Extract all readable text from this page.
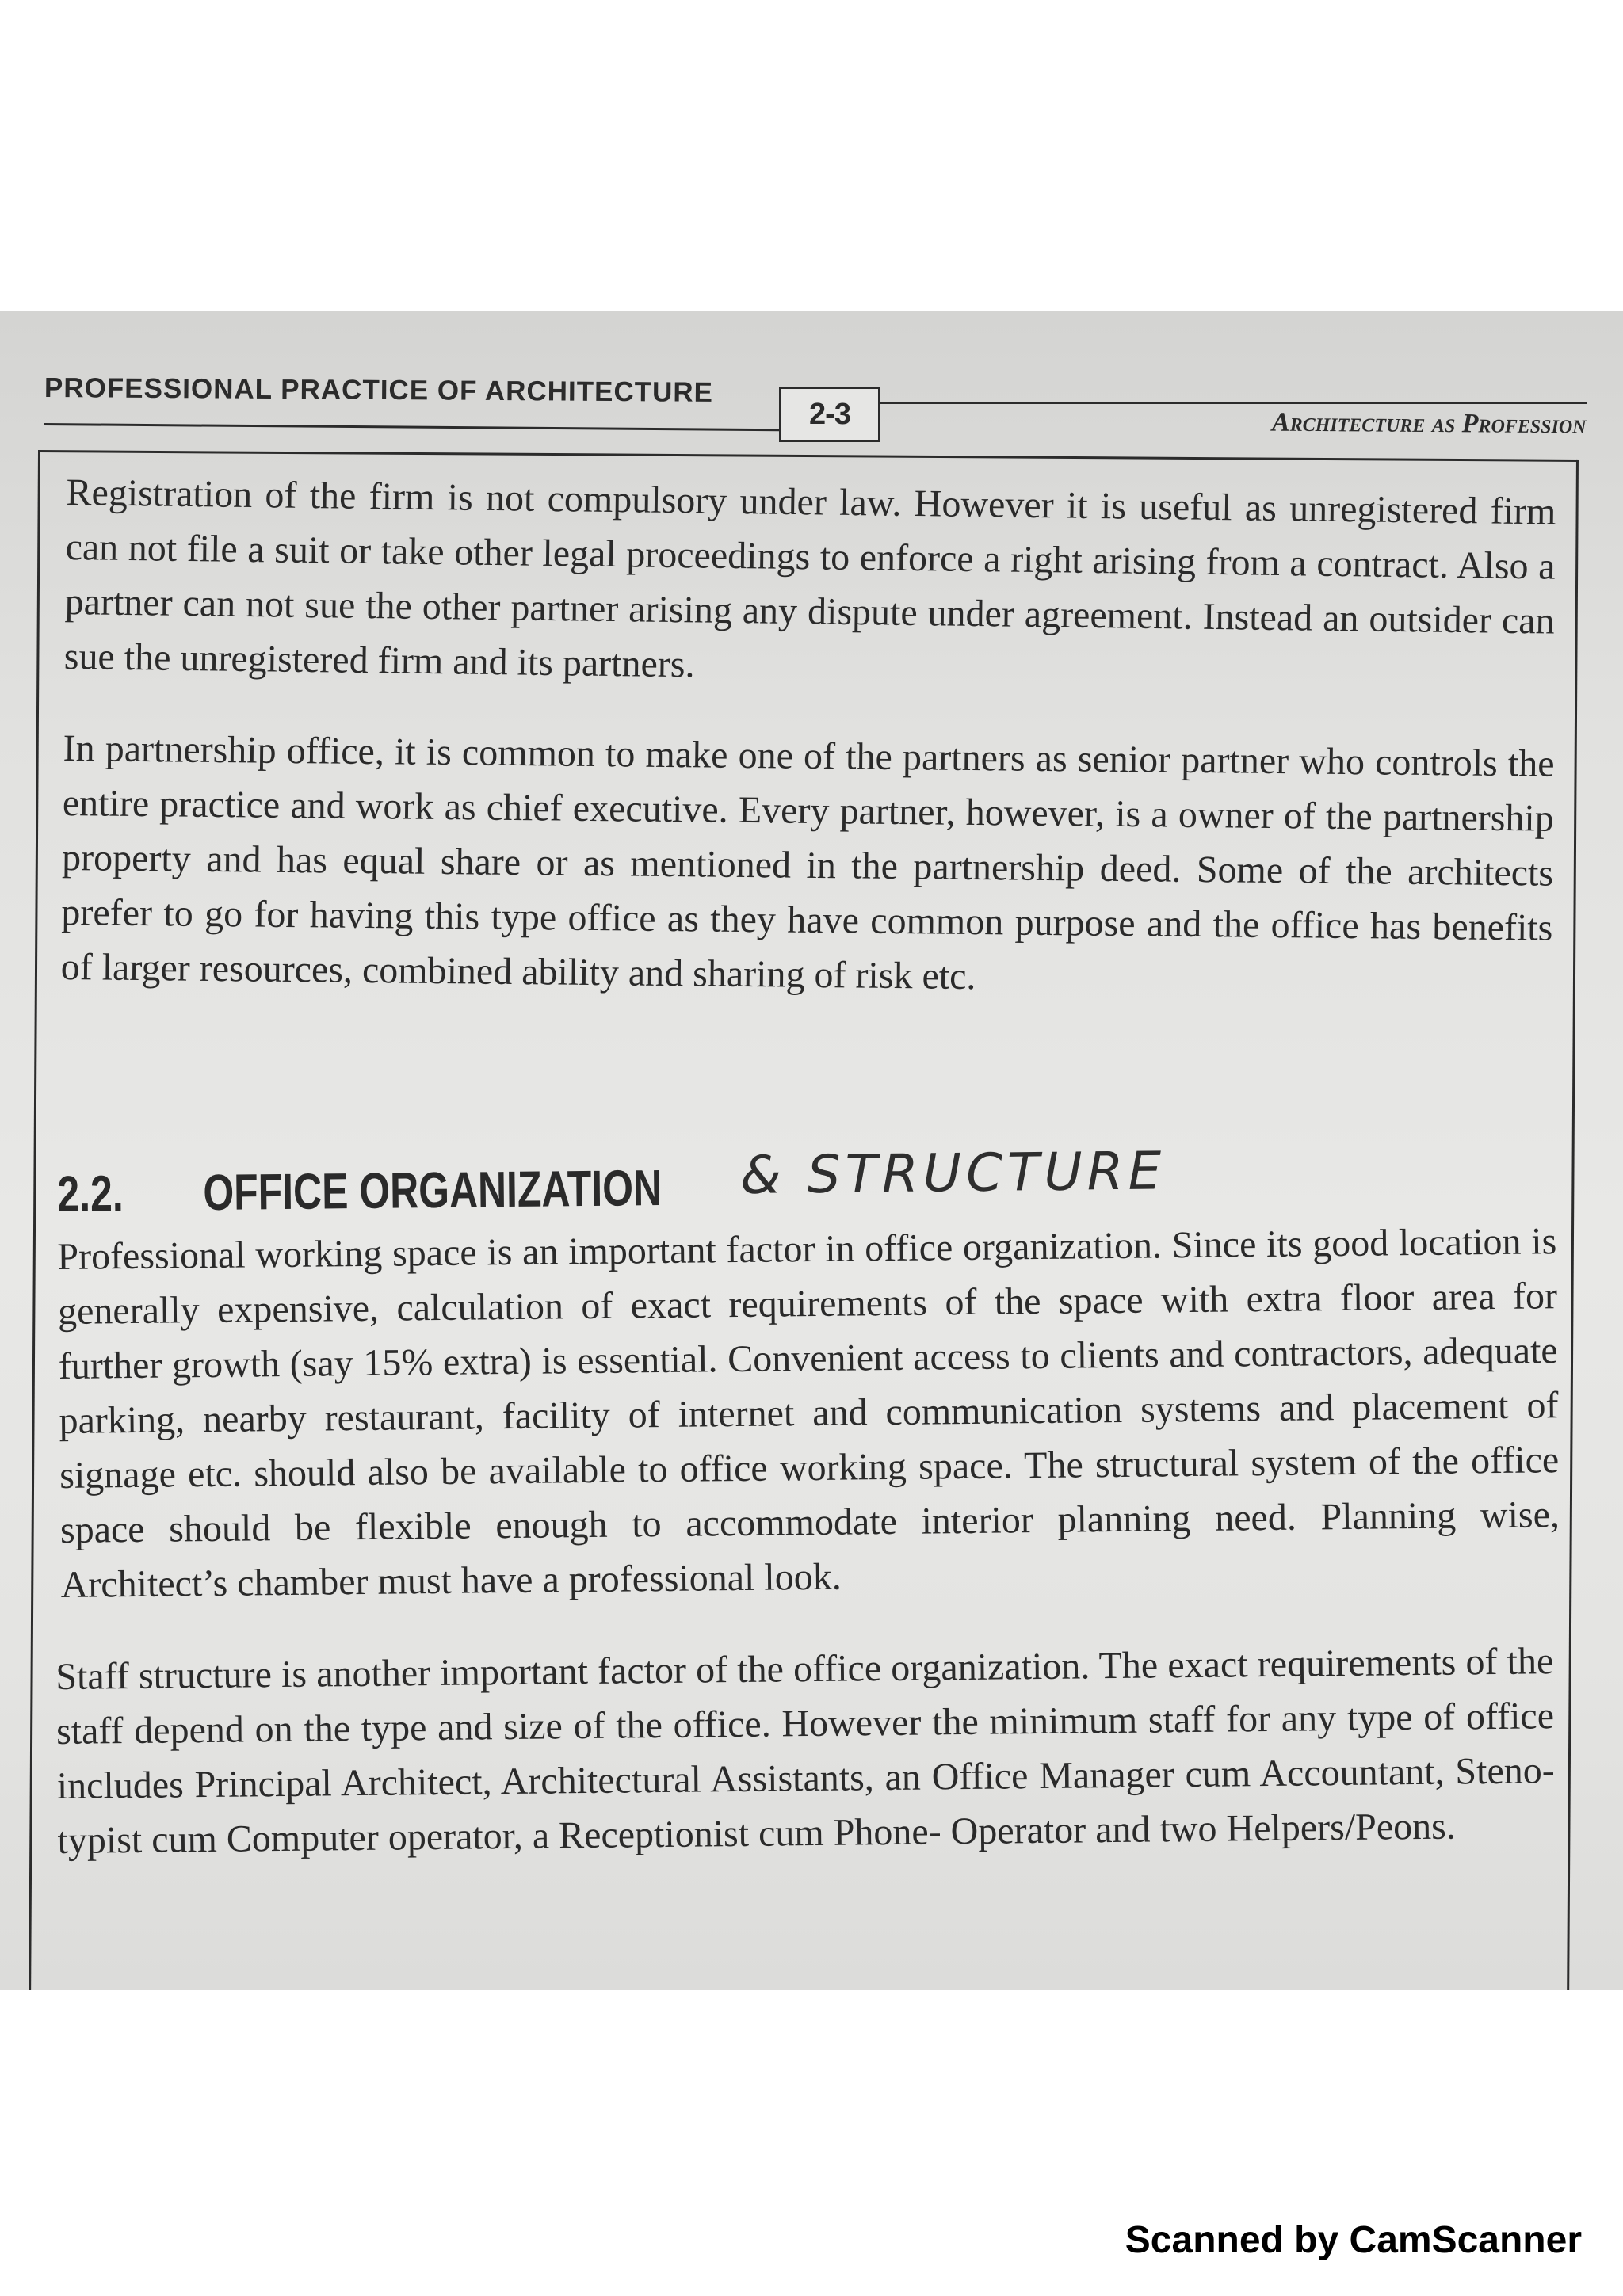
PROFESSIONAL PRACTICE OF ARCHITECTURE
2-3	Architecture as Profession

Registration of the firm is not compulsory under law. However it is useful as unregistered firm can not file a suit or take other legal proceedings to enforce a right arising from a contract. Also a partner can not sue the other partner arising any dispute under agreement. Instead an outsider can sue the unregistered firm and its partners.

In partnership office, it is common to make one of the partners as senior partner who controls the entire practice and work as chief executive. Every partner, however, is a owner of the partnership property and has equal share or as mentioned in the partnership deed. Some of the architects prefer to go for having this type office as they have common purpose and the office has benefits of larger resources, combined ability and sharing of risk etc.

2.2. OFFICE ORGANIZATION & STRUCTURE

Professional working space is an important factor in office organization. Since its good location is generally expensive, calculation of exact requirements of the space with extra floor area for further growth (say 15% extra) is essential. Convenient access to clients and contractors, adequate parking, nearby restaurant, facility of internet and communication systems and placement of signage etc. should also be available to office working space. The structural system of the office space should be flexible enough to accommodate interior planning need. Planning wise, Architect’s chamber must have a professional look.

Staff structure is another important factor of the office organization. The exact requirements of the staff depend on the type and size of the office. However the minimum staff for any type of office includes Principal Architect, Architectural Assistants, an Office Manager cum Accountant, Steno- typist cum Computer operator, a Receptionist cum Phone- Operator and two Helpers/Peons.

Scanned by CamScanner
